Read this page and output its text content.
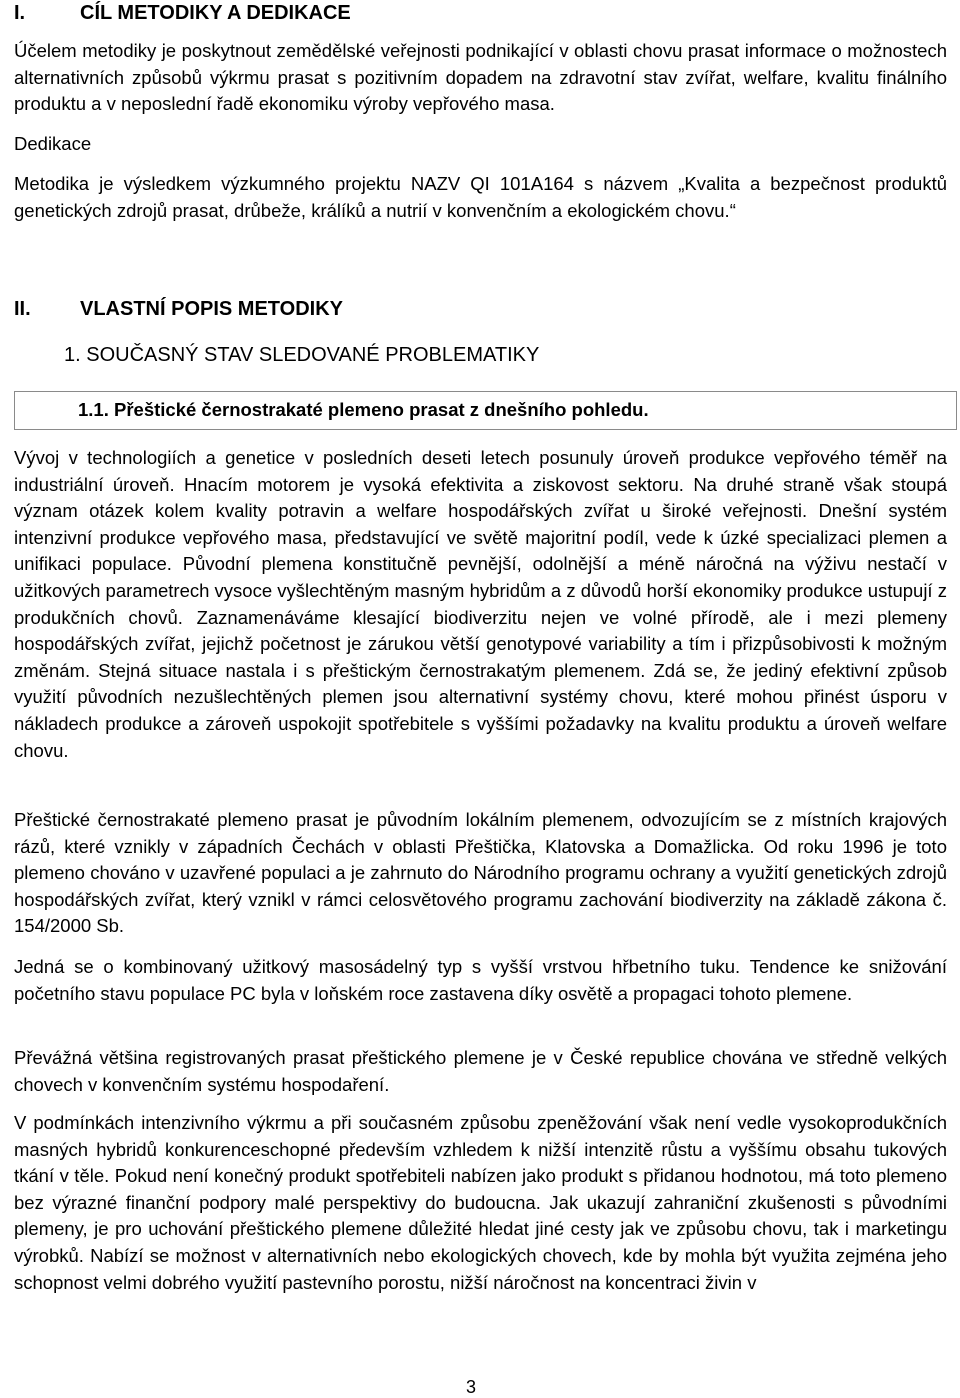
I.	CÍL METODIKY A DEDIKACE

Účelem metodiky je poskytnout zemědělské veřejnosti podnikající v oblasti chovu prasat informace o možnostech alternativních způsobů výkrmu prasat s pozitivním dopadem na zdravotní stav zvířat, welfare, kvalitu finálního produktu a v neposlední řadě ekonomiku výroby vepřového masa.

Dedikace

Metodika je výsledkem výzkumného projektu NAZV QI 101A164 s názvem „Kvalita a bezpečnost produktů genetických zdrojů prasat, drůbeže, králíků a nutrií v konvenčním a ekologickém chovu.“

II. VLASTNÍ POPIS METODIKY
1. SOUČASNÝ STAV SLEDOVANÉ PROBLEMATIKY
1.1. Přeštické černostrakaté plemeno prasat z dnešního pohledu.

Vývoj v technologiích a genetice v posledních deseti letech posunuly úroveň produkce vepřového téměř na industriální úroveň. Hnacím motorem je vysoká efektivita a ziskovost sektoru. Na druhé straně však stoupá význam otázek kolem kvality potravin a welfare hospodářských zvířat u široké veřejnosti. Dnešní systém intenzivní produkce vepřového masa, představující ve světě majoritní podíl, vede k úzké specializaci plemen a unifikaci populace. Původní plemena konstitučně pevnější, odolnější a méně náročná na výživu nestačí v užitkových parametrech vysoce vyšlechtěným masným hybridům a z důvodů horší ekonomiky produkce ustupují z produkčních chovů. Zaznamenáváme klesající biodiverzitu nejen ve volné přírodě, ale i mezi plemeny hospodářských zvířat, jejichž početnost je zárukou větší genotypové variability a tím i přizpůsobivosti k možným změnám. Stejná situace nastala i s přeštickým černostrakatým plemenem. Zdá se, že jediný efektivní způsob využití původních nezušlechtěných plemen jsou alternativní systémy chovu, které mohou přinést úsporu v nákladech produkce a zároveň uspokojit spotřebitele s vyššími požadavky na kvalitu produktu a úroveň welfare chovu.

Přeštické černostrakaté plemeno prasat je původním lokálním plemenem, odvozujícím se z místních krajových rázů, které vznikly v západních Čechách v oblasti Přeštička, Klatovska a Domažlicka. Od roku 1996 je toto plemeno chováno v uzavřené populaci a je zahrnuto do Národního programu ochrany a využití genetických zdrojů hospodářských zvířat, který vznikl v rámci celosvětového programu zachování biodiverzity na základě zákona č. 154/2000 Sb.

Jedná se o kombinovaný užitkový masosádelný typ s vyšší vrstvou hřbetního tuku. Tendence ke snižování početního stavu populace PC byla v loňském roce zastavena díky osvětě a propagaci tohoto plemene.

Převážná většina registrovaných prasat přeštického plemene je v České republice chována ve středně velkých chovech v konvenčním systému hospodaření.

V podmínkách intenzivního výkrmu a při současném způsobu zpeněžování však není vedle vysokoprodukčních masných hybridů konkurenceschopné především vzhledem k nižší intenzitě růstu a vyššímu obsahu tukových tkání v těle. Pokud není konečný produkt spotřebiteli nabízen jako produkt s přidanou hodnotou, má toto plemeno bez výrazné finanční podpory malé perspektivy do budoucna. Jak ukazují zahraniční zkušenosti s původními plemeny, je pro uchování přeštického plemene důležité hledat jiné cesty jak ve způsobu chovu, tak i marketingu výrobků. Nabízí se možnost v alternativních nebo ekologických chovech, kde by mohla být využita zejména jeho schopnost velmi dobrého využití pastevního porostu, nižší náročnost na koncentraci živin v

3
